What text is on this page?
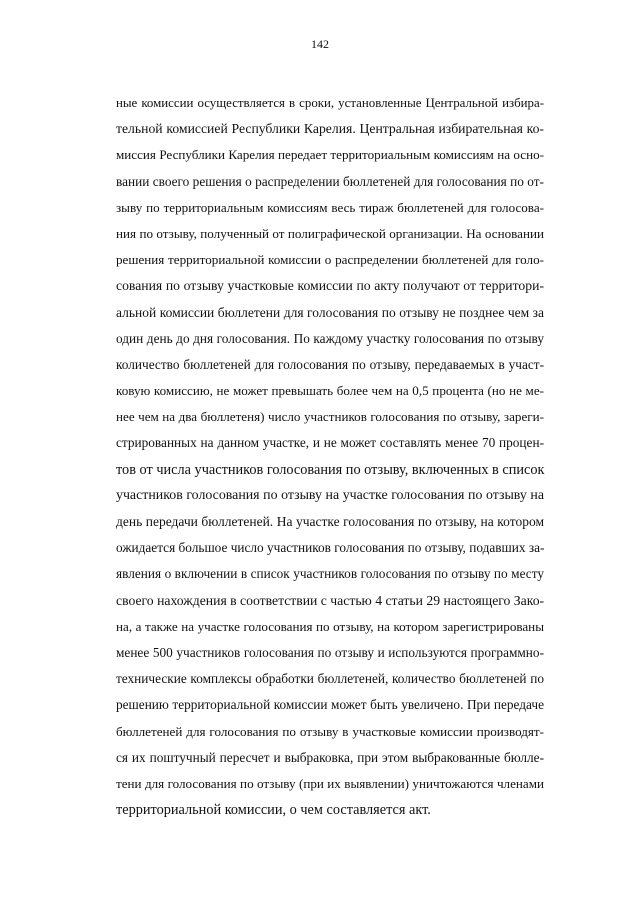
142
ные комиссии осуществляется в сроки, установленные Центральной избира-
тельной комиссией Республики Карелия. Центральная избирательная ко-
миссия Республики Карелия передает территориальным комиссиям на осно-
вании своего решения о распределении бюллетеней для голосования по от-
зыву по территориальным комиссиям весь тираж бюллетеней для голосова-
ния по отзыву, полученный от полиграфической организации. На основании
решения территориальной комиссии о распределении бюллетеней для голо-
сования по отзыву участковые комиссии по акту получают от территори-
альной комиссии бюллетени для голосования по отзыву не позднее чем за
один день до дня голосования. По каждому участку голосования по отзыву
количество бюллетеней для голосования по отзыву, передаваемых в участ-
ковую комиссию, не может превышать более чем на 0,5 процента (но не ме-
нее чем на два бюллетеня) число участников голосования по отзыву, зареги-
стрированных на данном участке, и не может составлять менее 70 процен-
тов от числа участников голосования по отзыву, включенных в список
участников голосования по отзыву на участке голосования по отзыву на
день передачи бюллетеней. На участке голосования по отзыву, на котором
ожидается большое число участников голосования по отзыву, подавших за-
явления о включении в список участников голосования по отзыву по месту
своего нахождения в соответствии с частью 4 статьи 29 настоящего Зако-
на, а также на участке голосования по отзыву, на котором зарегистрированы
менее 500 участников голосования по отзыву и используются программно-
технические комплексы обработки бюллетеней, количество бюллетеней по
решению территориальной комиссии может быть увеличено. При передаче
бюллетеней для голосования по отзыву в участковые комиссии производят-
ся их поштучный пересчет и выбраковка, при этом выбракованные бюлле-
тени для голосования по отзыву (при их выявлении) уничтожаются членами
территориальной комиссии, о чем составляется акт.
